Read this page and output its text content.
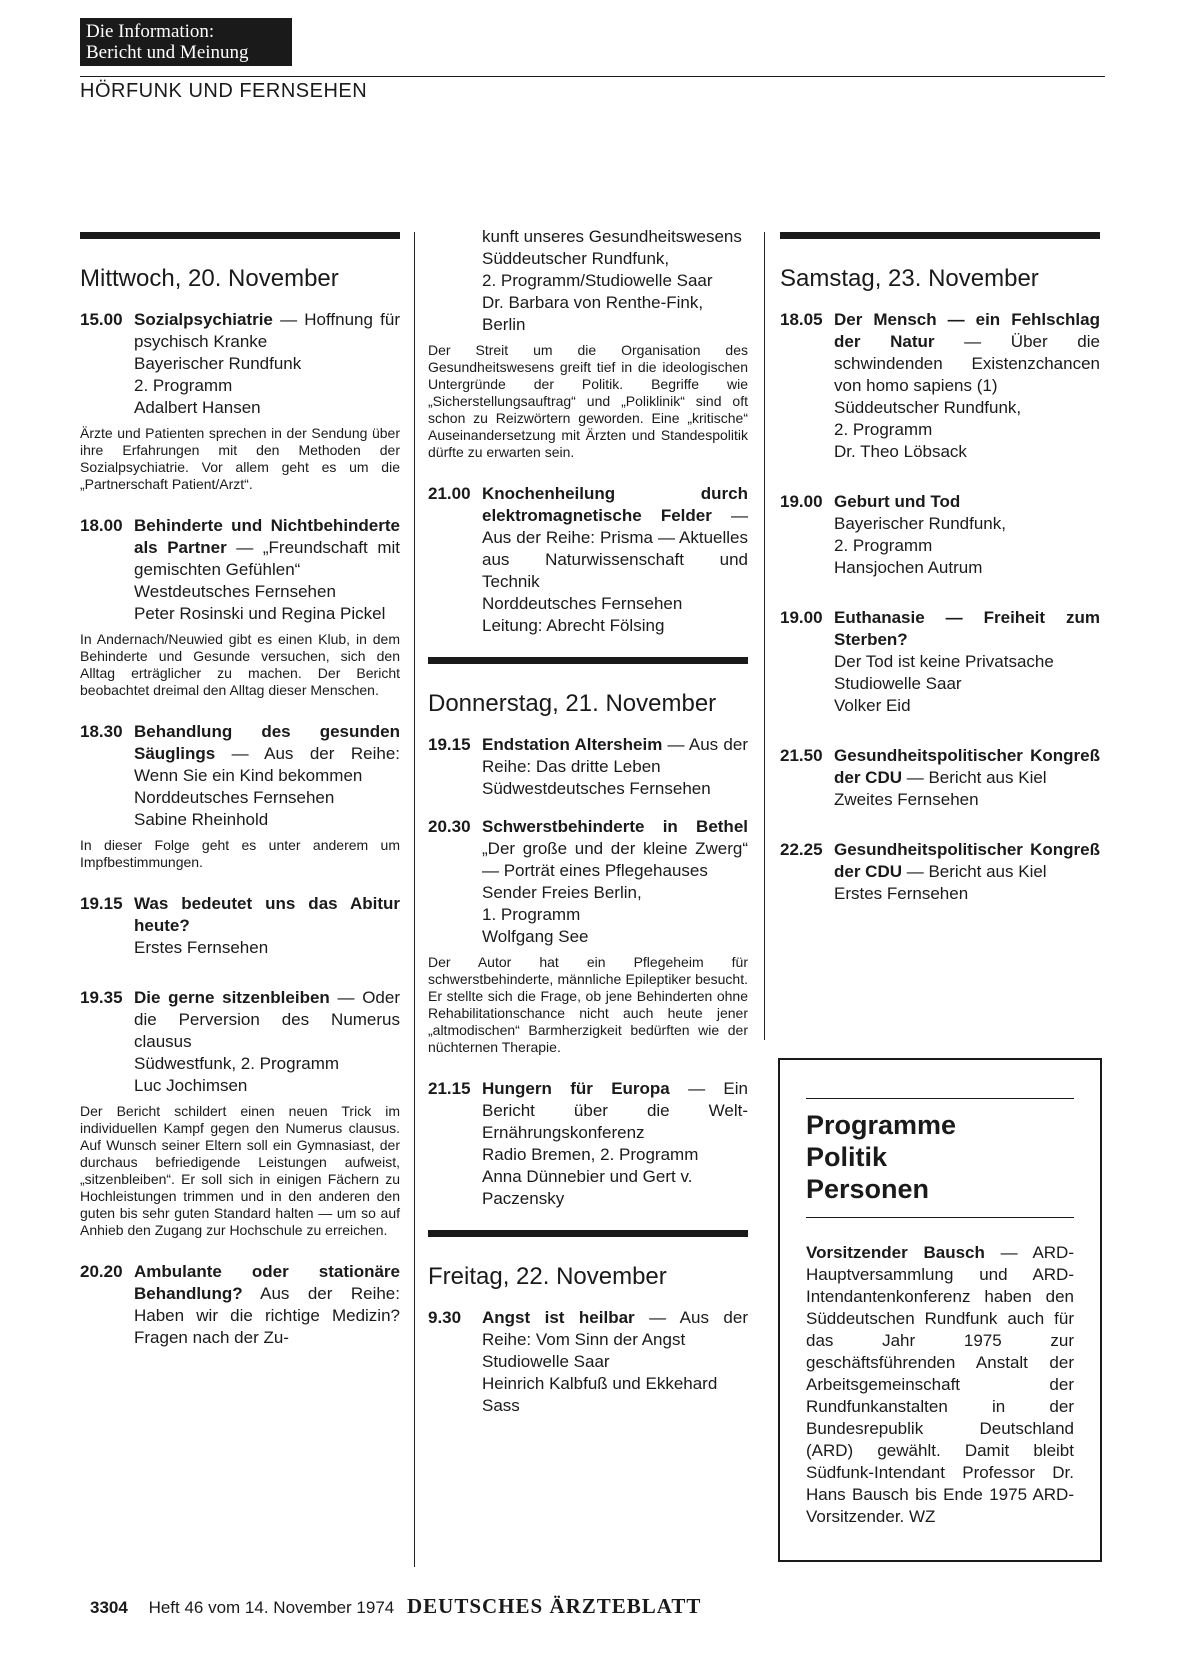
Die Information:
Bericht und Meinung
HÖRFUNK UND FERNSEHEN
Mittwoch, 20. November
15.00 Sozialpsychiatrie — Hoffnung für psychisch Kranke
Bayerischer Rundfunk
2. Programm
Adalbert Hansen

Ärzte und Patienten sprechen in der Sendung über ihre Erfahrungen mit den Methoden der Sozialpsychiatrie. Vor allem geht es um die „Partnerschaft Patient/Arzt“.

18.00 Behinderte und Nichtbehinderte als Partner — „Freundschaft mit gemischten Gefühlen“
Westdeutsches Fernsehen
Peter Rosinski und Regina Pickel

In Andernach/Neuwied gibt es einen Klub, in dem Behinderte und Gesunde versuchen, sich den Alltag erträglicher zu machen. Der Bericht beobachtet dreimal den Alltag dieser Menschen.

18.30 Behandlung des gesunden Säuglings — Aus der Reihe: Wenn Sie ein Kind bekommen
Norddeutsches Fernsehen
Sabine Rheinhold

In dieser Folge geht es unter anderem um Impfbestimmungen.

19.15 Was bedeutet uns das Abitur heute?
Erstes Fernsehen
19.35 Die gerne sitzenbleiben — Oder die Perversion des Numerus clausus
Südwestfunk, 2. Programm
Luc Jochimsen

Der Bericht schildert einen neuen Trick im individuellen Kampf gegen den Numerus clausus. Auf Wunsch seiner Eltern soll ein Gymnasiast, der durchaus befriedigende Leistungen aufweist, „sitzenbleiben“. Er soll sich in einigen Fächern zu Hochleistungen trimmen und in den anderen den guten bis sehr guten Standard halten — um so auf Anhieb den Zugang zur Hochschule zu erreichen.

20.20 Ambulante oder stationäre Behandlung? Aus der Reihe: Haben wir die richtige Medizin? Fragen nach der Zu-
kunft unseres Gesundheitswesens
Süddeutscher Rundfunk,
2. Programm/Studiowelle Saar
Dr. Barbara von Renthe-Fink, Berlin

Der Streit um die Organisation des Gesundheitswesens greift tief in die ideologischen Untergründe der Politik. Begriffe wie „Sicherstellungsauftrag“ und „Poliklinik“ sind oft schon zu Reizwörtern geworden. Eine „kritische“ Auseinandersetzung mit Ärzten und Standespolitik dürfte zu erwarten sein.

21.00 Knochenheilung durch elektromagnetische Felder — Aus der Reihe: Prisma — Aktuelles aus Naturwissenschaft und Technik
Norddeutsches Fernsehen
Leitung: Abrecht Fölsing
Donnerstag, 21. November
19.15 Endstation Altersheim — Aus der Reihe: Das dritte Leben
Südwestdeutsches Fernsehen
20.30 Schwerstbehinderte in Bethel „Der große und der kleine Zwerg“ — Porträt eines Pflegehauses
Sender Freies Berlin,
1. Programm
Wolfgang See

Der Autor hat ein Pflegeheim für schwerstbehinderte, männliche Epileptiker besucht. Er stellte sich die Frage, ob jene Behinderten ohne Rehabilitationschance nicht auch heute jener „altmodischen“ Barmherzigkeit bedürften wie der nüchternen Therapie.

21.15 Hungern für Europa — Ein Bericht über die Welt-Ernährungskonferenz
Radio Bremen, 2. Programm
Anna Dünnebier und Gert v. Paczensky
Freitag, 22. November
9.30 Angst ist heilbar — Aus der Reihe: Vom Sinn der Angst
Studiowelle Saar
Heinrich Kalbfuß und Ekkehard Sass
Samstag, 23. November
18.05 Der Mensch — ein Fehlschlag der Natur — Über die schwindenden Existenzchancen von homo sapiens (1)
Süddeutscher Rundfunk,
2. Programm
Dr. Theo Löbsack
19.00 Geburt und Tod
Bayerischer Rundfunk,
2. Programm
Hansjochen Autrum
19.00 Euthanasie — Freiheit zum Sterben?
Der Tod ist keine Privatsache
Studiowelle Saar
Volker Eid
21.50 Gesundheitspolitischer Kongreß der CDU — Bericht aus Kiel
Zweites Fernsehen
22.25 Gesundheitspolitischer Kongreß der CDU — Bericht aus Kiel
Erstes Fernsehen
Programme
Politik
Personen
Vorsitzender Bausch — ARD-Hauptversammlung und ARD-Intendantenkonferenz haben den Süddeutschen Rundfunk auch für das Jahr 1975 zur geschäftsführenden Anstalt der Arbeitsgemeinschaft der Rundfunkanstalten in der Bundesrepublik Deutschland (ARD) gewählt. Damit bleibt Südfunk-Intendant Professor Dr. Hans Bausch bis Ende 1975 ARD-Vorsitzender. WZ
3304 Heft 46 vom 14. November 1974 DEUTSCHES ÄRZTEBLATT
